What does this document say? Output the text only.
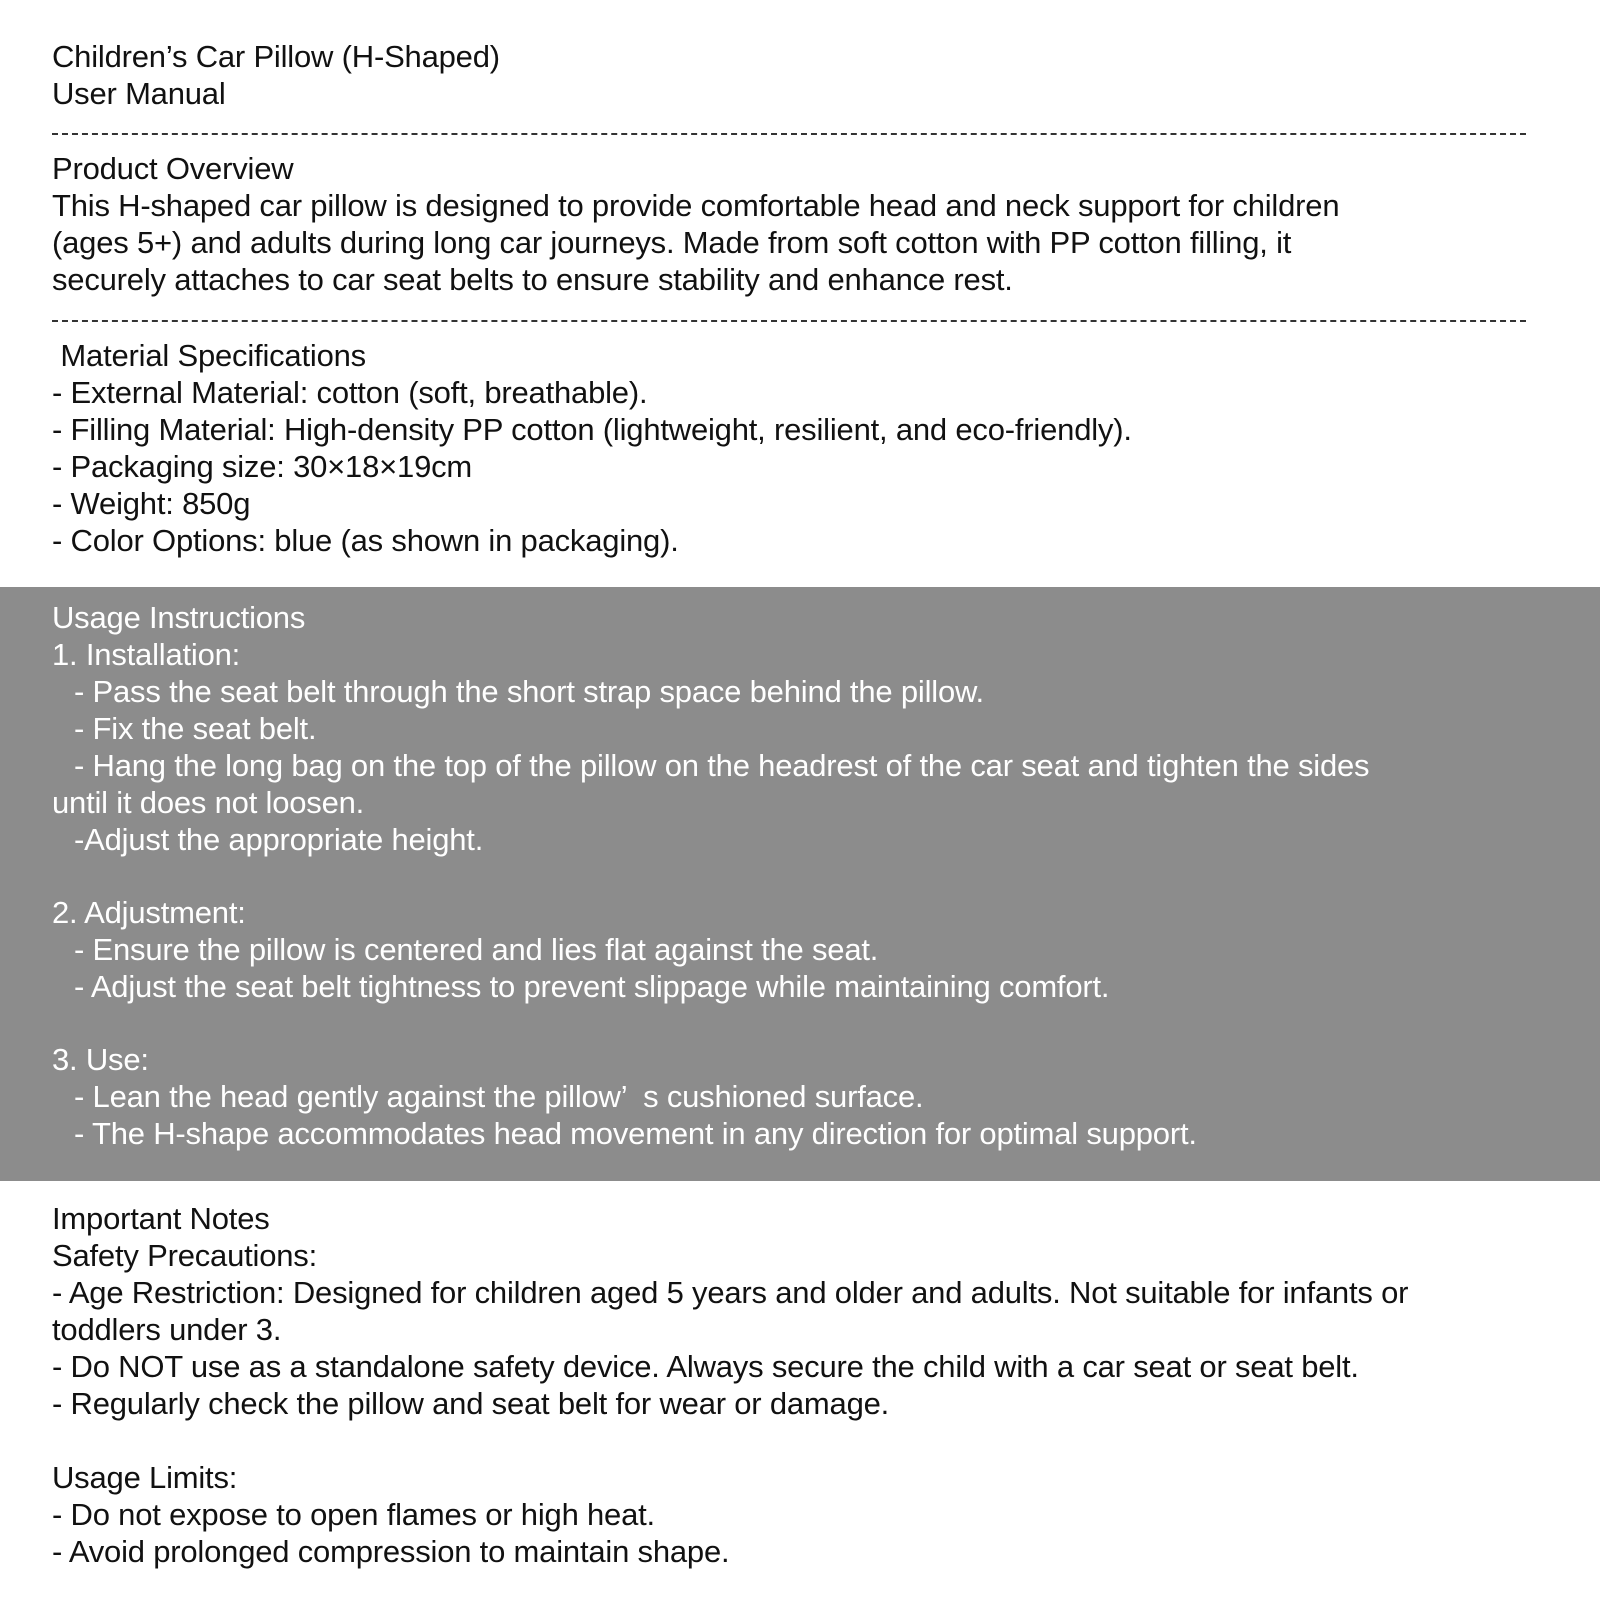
Children’s Car Pillow (H-Shaped)
User Manual
Product Overview
This H-shaped car pillow is designed to provide comfortable head and neck support for children
(ages 5+) and adults during long car journeys. Made from soft cotton with PP cotton filling, it
securely attaches to car seat belts to ensure stability and enhance rest.
Material Specifications
- External Material: cotton (soft, breathable).
- Filling Material: High-density PP cotton (lightweight, resilient, and eco-friendly).
- Packaging size: 30×18×19cm
- Weight: 850g
- Color Options: blue (as shown in packaging).
Usage Instructions
1. Installation:
- Pass the seat belt through the short strap space behind the pillow.
- Fix the seat belt.
- Hang the long bag on the top of the pillow on the headrest of the car seat and tighten the sides
until it does not loosen.
-Adjust the appropriate height.
2. Adjustment:
- Ensure the pillow is centered and lies flat against the seat.
- Adjust the seat belt tightness to prevent slippage while maintaining comfort.
3. Use:
- Lean the head gently against the pillow’  s cushioned surface.
- The H-shape accommodates head movement in any direction for optimal support.
Important Notes
Safety Precautions:
- Age Restriction: Designed for children aged 5 years and older and adults. Not suitable for infants or
toddlers under 3.
- Do NOT use as a standalone safety device. Always secure the child with a car seat or seat belt.
- Regularly check the pillow and seat belt for wear or damage.
Usage Limits:
- Do not expose to open flames or high heat.
- Avoid prolonged compression to maintain shape.
